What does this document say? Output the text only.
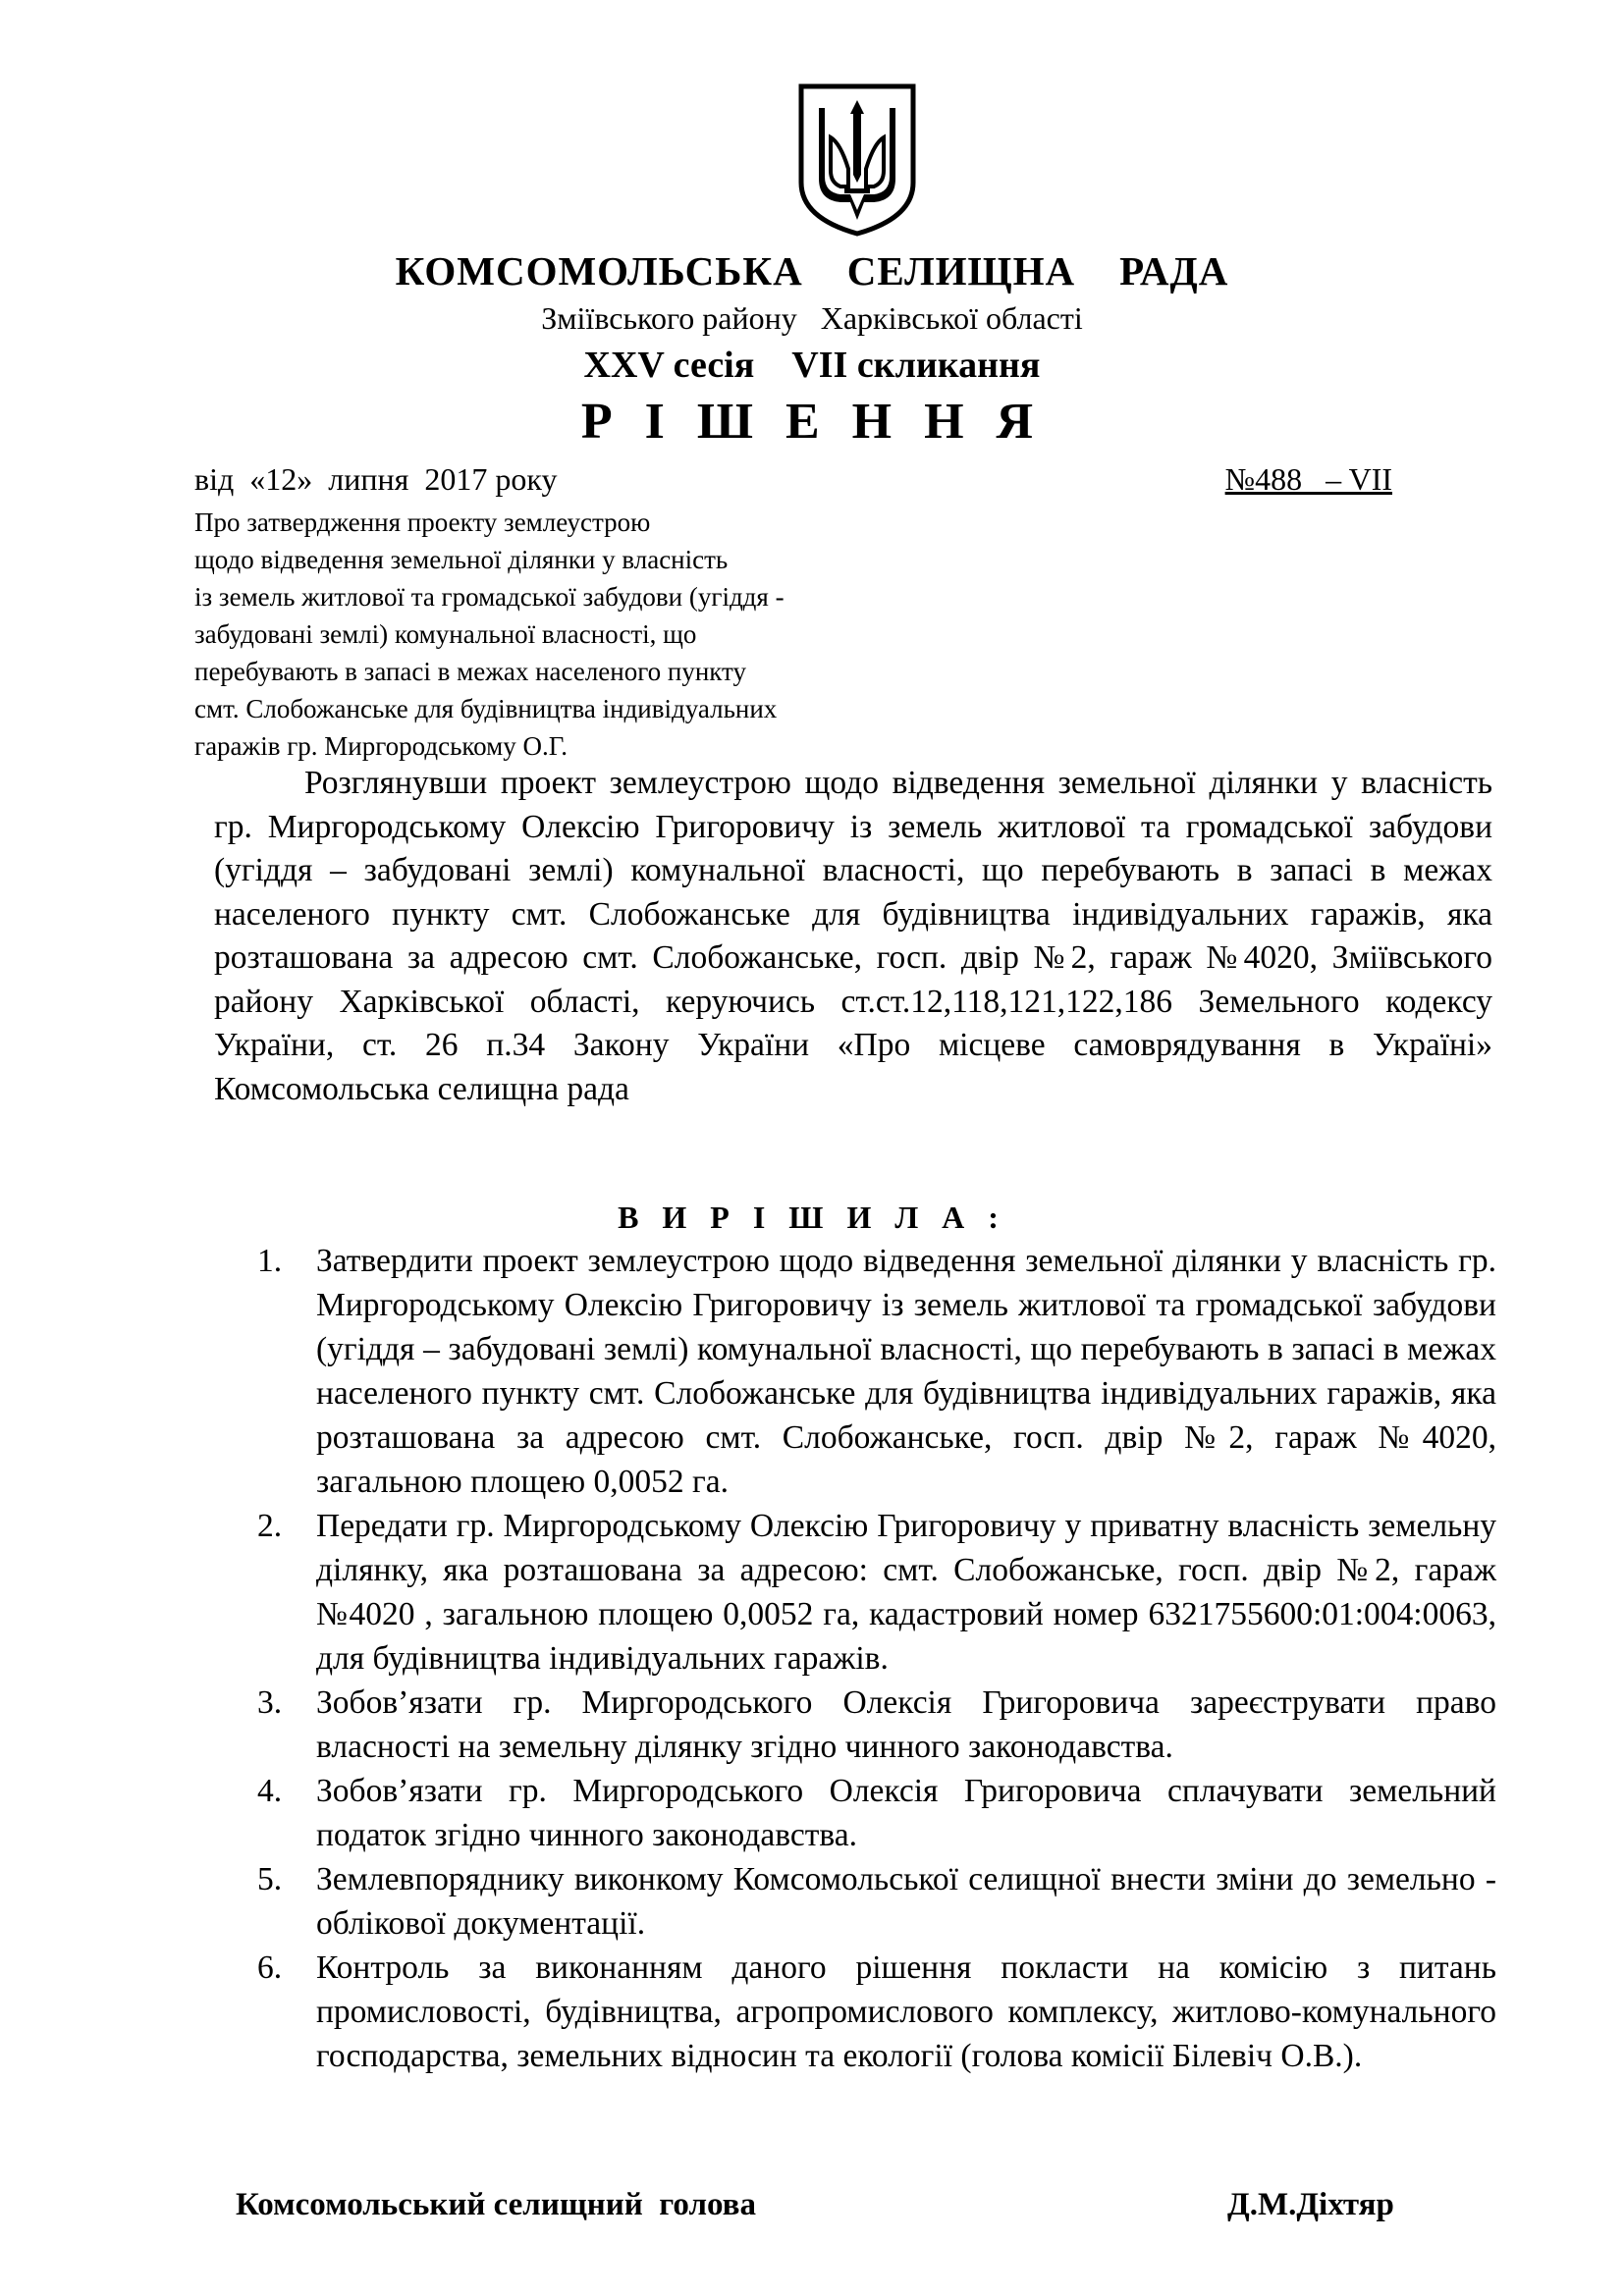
КОМСОМОЛЬСЬКА    СЕЛИЩНА    РАДА
Зміївського району   Харківської області
XXV сесія    VII скликання
Р І Ш Е Н Н Я
від  «12»  липня  2017 року	№488   – VII
Про затвердження проекту землеустрою
щодо відведення земельної ділянки у власність
із земель житлової та громадської забудови (угіддя -
забудовані землі) комунальної власності, що
перебувають в запасі в межах населеного пункту
смт. Слобожанське для будівництва індивідуальних
гаражів гр. Миргородському О.Г.
Розглянувши проект землеустрою щодо відведення земельної ділянки у власність гр. Миргородському Олексію Григоровичу із земель житлової та громадської забудови (угіддя – забудовані землі) комунальної власності, що перебувають в запасі в межах населеного пункту смт. Слобожанське для будівництва індивідуальних гаражів, яка розташована за адресою смт. Слобожанське, госп. двір №2, гараж №4020, Зміївського району Харківської області, керуючись ст.ст.12,118,121,122,186 Земельного кодексу України, ст. 26 п.34 Закону України «Про місцеве самоврядування в Україні» Комсомольська селищна рада
В И Р І Ш И Л А :
1. Затвердити проект землеустрою щодо відведення земельної ділянки у власність гр. Миргородському Олексію Григоровичу із земель житлової та громадської забудови (угіддя – забудовані землі) комунальної власності, що перебувають в запасі в межах населеного пункту смт. Слобожанське для будівництва індивідуальних гаражів, яка розташована за адресою смт. Слобожанське, госп. двір №2, гараж №4020, загальною площею 0,0052 га.
2. Передати гр. Миргородському Олексію Григоровичу у приватну власність земельну ділянку, яка розташована за адресою: смт. Слобожанське, госп. двір №2, гараж №4020 , загальною площею 0,0052 га, кадастровий номер 6321755600:01:004:0063, для будівництва індивідуальних гаражів.
3. Зобов’язати гр. Миргородського Олексія Григоровича зареєструвати право власності на земельну ділянку згідно чинного законодавства.
4. Зобов’язати гр. Миргородського Олексія Григоровича сплачувати земельний податок згідно чинного законодавства.
5. Землевпоряднику виконкому Комсомольської селищної внести зміни до земельно - облікової документації.
6. Контроль за виконанням даного рішення покласти на комісію з питань промисловості, будівництва, агропромислового комплексу, житлово-комунального господарства, земельних відносин та екології (голова комісії Білевіч О.В.).
Комсомольський селищний  голова	Д.М.Діхтяр
